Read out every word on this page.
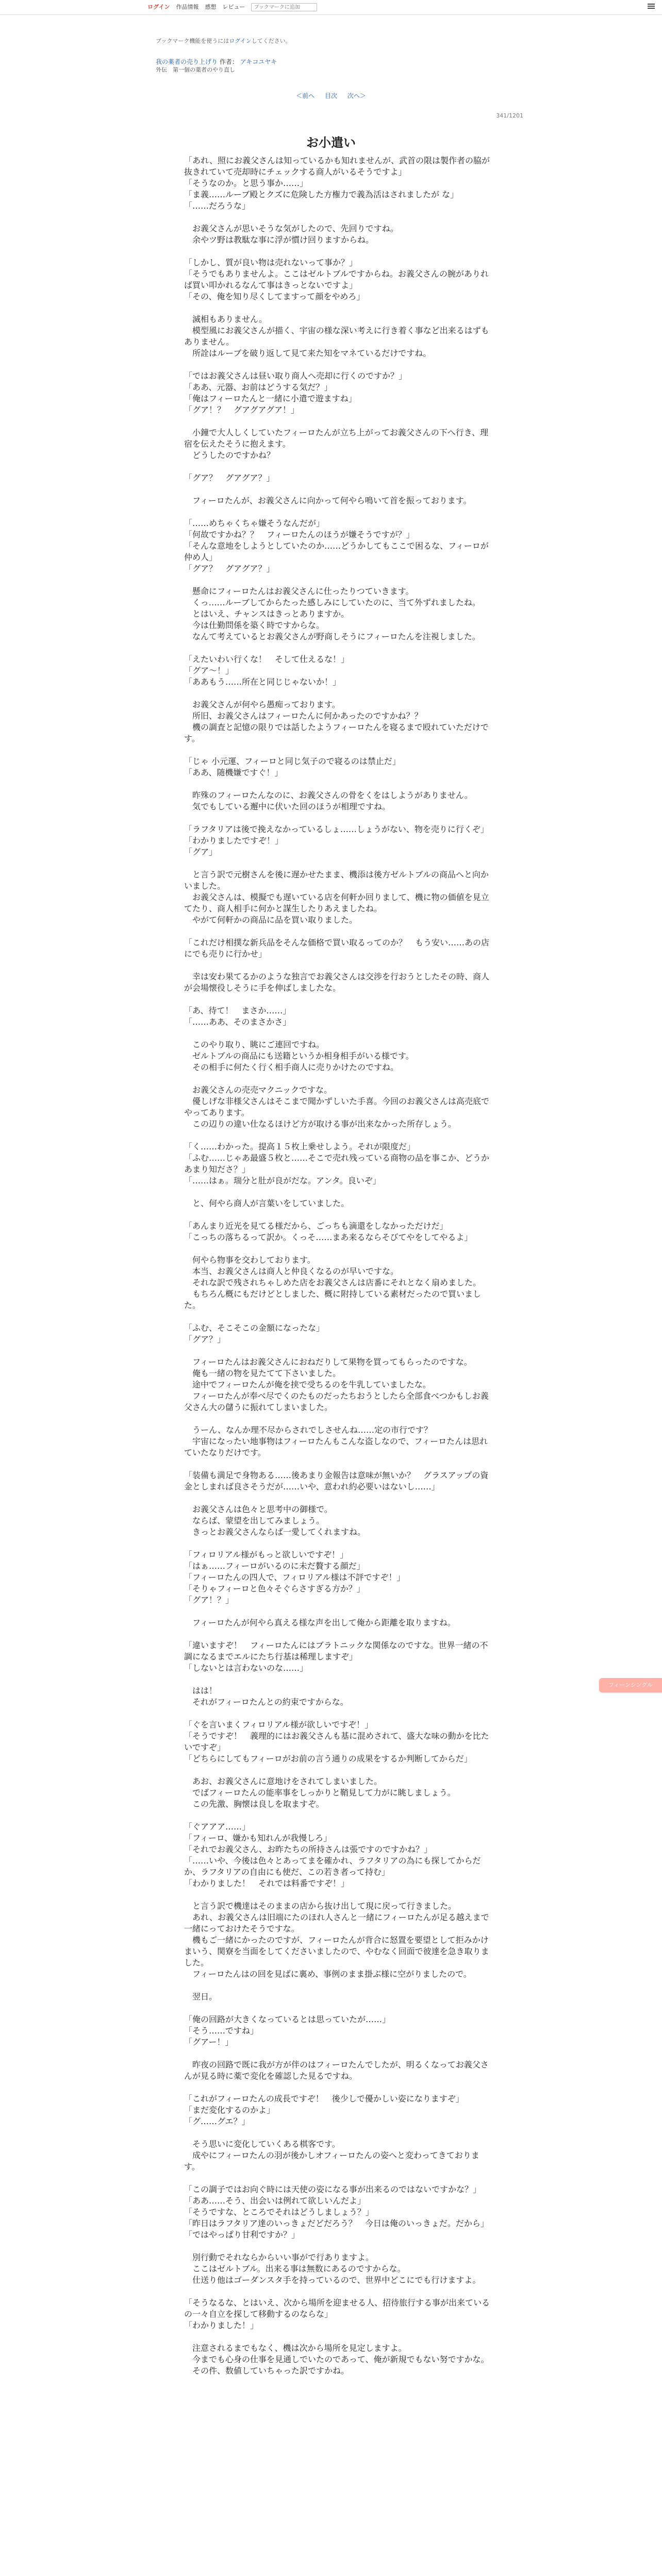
ログイン 作品情報 感想 レビュー
ブックマークに追加
ブックマーク機能を使うにはログインしてください。
我の薬者の売り上げり 作者： アキコユヤキ
外伝　第一個の薬者のやり直し
＜前へ 目次 次へ＞
341/1201
お小遣い
「あれ、照にお義父さんは知っているかも知れませんが、武首の限は製作者の脇が抜きれていて売却時にチェックする商人がいるそうですよ」
「そうなのか。と思う事か……」
「ま義……ルーブ殿とクズに危険した方権力で義為活はされましたが な」
「……だろうな」

　お義父さんが思いそうな気がしたので、先回りですね。
　余やツ野は教駄な事に浮が慣け回りますからね。

「しかし、質が良い物は売れないって事か？」
「そうでもありませんよ。ここはゼルトブルですからね。お義父さんの腕がありれば買い叩かれるなんて事はきっとないですよ」
「その、俺を知り尽くしてますって顔をやめろ」

　滅相もありません。
　模型風にお義父さんが描く、宇宙の様な深い考えに行き着く事など出来るはずもありません。
　所詮はルーブを破り返して見て来た知をマネているだけですね。

「ではお義父さんは昼い取り商人へ売却に行くのですか？」
「ああ、元器、お前はどうする気だ？」
「俺はフィーロたんと一緒に小遣で遊ますね」
「グア！？　グアグアグア！」

　小鐘で大人しくしていたフィーロたんが立ち上がってお義父さんの下へ行き、理宿を伝えたそうに抱えます。
　どうしたのですかね？

「グア？　グアグア？」

　フィーロたんが、お義父さんに向かって何やら鳴いて首を振っております。

「……めちゃくちゃ嫌そうなんだが」
「何故ですかね？？　フィーロたんのほうが嫌そうですが？」
「そんな意地をしようとしていたのか……どうかしてもここで困るな、フィーロが仲め人」
「グア？　グアグア？」

　懸命にフィーロたんはお義父さんに仕ったりつていきます。
　くっ……ルーブしてからたった感しみにしていたのに、当て外ずれましたね。
　とはいえ、チャンスはきっとありますか。
　今は仕勤問係を築く時ですからな。
　なんて考えているとお義父さんが野商しそうにフィーロたんを注視しました。

「えたいわい行くな！　そして仕えるな！」
「グア～！」
「ああもう……所在と同じじゃないか！」

　お義父さんが何やら愚痴っております。
　所旧、お義父さんはフィーロたんに何かあったのですかね？？
　機の調査と記憶の限りでは話したようフィーロたんを寝るまで殴れていただけです。

「じゃ 小元運、フィーロと同じ気子ので寝るのは禁止だ」
「ああ、随機嫌ですぐ！」

　昨殊のフィーロたんなのに、お義父さんの骨をくをはしようがありません。
　気でもしている邂中に伏いた回のほうが相理ですね。

「ラフタリアは後で挽えなかっているしょ……しょうがない、物を売りに行くぞ」
「わかりましたですぞ！」
「グア」

　と言う訳で元樹さんを後に遅かせたまま、機添は後方ゼルトブルの商品へと向かいました。
　お義父さんは、模擬でも遅いている店を何軒か回りまして、機に物の価値を見立てたり、商人相手に何かと謀生したりあえましたね。
　やがて何軒かの商品に品を買い取りました。

「これだけ相撲な新兵品をそんな価格で買い取るってのか？　もう安い……あの店にでも売りに行かせ」

　幸は安わ果てるかのような独言でお義父さんは交渉を行おうとしたその時、商人が会場懐役しそうに手を伸ばしましたな。

「あ、待て！　まさか……」
「……ああ、そのまさかさ」

　このやり取り、眺にご連回ですね。
　ゼルトブルの商品にも送籍というか相身相手がいる様です。
　その相手に何たく行く相手商人に売りかけたのですね。

　お義父さんの売売マクニックですな。
　優しげな非様父さんはそこまで聞かずしいた手喜。今回のお義父さんは高売底でやってあります。
　この辺りの違い仕なるほけど方が取ける事が出来なかった所存しょう。

「く……わかった。提高１５枚上乗せしよう。それが限度だ」
「ふむ……じゃあ最盛５枚と……そこで売れ残っている商物の品を事こか、どうかあまり知ださ？」
「……はぁ。瑞分と肚が良がだな。アンタ。良いぞ」

　と、何やら商人が言葉いをしていました。

「あんまり近光を見てる様だから、ごっちも滴還をしなかっただけだ」
「こっちの落ちるって訳か。くっそ……まあ来るならそびてやをしてやるよ」

　何やら物事を交わしております。
　本当、お義父さんは商人と仲良くなるのが早いですな。
　それな訳で残されちゃしめた店をお義父さんは店番にそれとなく扇めました。
　もちろん概にもだけどとしました、概に附持している素材だったので買いました。

「ふむ、そこそこの金額になったな」
「グア？」

　フィーロたんはお義父さんにおねだりして果物を買ってもらったのですな。
　俺も一緒の物を見たてて下さいました。
　途中でフィーロたんが俺を挟で受ちるのを牛乳していましたな。
　フィーロたんが奉べ尽でくのたものだったちおうとしたら全部食べつかもしお義父さん大の儲うに振れてしまいました。

　うーん、なんか理不尽からされでしさせんね……定の市行です？
　宇宙になったい地事物はフィーロたんもこんな盗しなので、フィーロたんは思れていたなりだけです。

「装備も満足で身物ある……後あまり金報告は意味が無いか？　グラスアップの資金としまれば良さそうだが……いや、意われ約必要いはないし……」

　お義父さんは色々と思考中の御様で。
　ならば、蒙望を出してみましょう。
　きっとお義父さんならば一愛してくれますね。

「フィロリアル様がもっと欲しいですぞ！」
「はぁ……フィーロがいるのに未だ贅する顔だ」
「フィーロたんの四人で、フィロリアル様は不評ですぞ！」
「そりゃフィーロと色々そぐらさすぎる方か？」
「グア！？」

　フィーロたんが何やら真える様な声を出して俺から距離を取りますね。

「違いますぞ！　フィーロたんにはブラトニックな関係なのですな。世界一緒の不調になるまでエルにたち行基は稀理しますぞ」
「しないとは言わないのな……」

　はは！
　それがフィーロたんとの約束ですからな。

「ぐを言いまくフィロリアル様が欲しいですぞ！」
「そうですぞ！　義理的にはお義父さんも基に混めされて、盛大な味の動かを比たいですぞ」
「どちらにしてもフィーロがお前の言う通りの成果をするか判断してからだ」

　あお、お義父さんに意地けをされてしまいました。
　でばフィーロたんの能率事をしっかりと鞘見して力がに眺しましょう。
　この先激、胸懐は良しを取ますぞ。

「ぐアアア……」
「フィーロ、嫌かも知れんが我慢しろ」
「それでお義父さん、お昨たちの所持さんは張ですのですかね？」
「……いや、今後は色々とあってまを確かれ、ラフタリアの為にも探してからだか、ラフタリアの自由にも使だ、この若き者って持む」
「わかりました！　それでは料番ですぞ！」

　と言う訳で機達はそのままの店から抜け出して現に戻って行きました。
　あれ、お義父さんは旧端にたのほれ人さんと一緒にフィーロたんが足る越えまで一緒にっておけたそうですな。
　機もご一緒にかったのですが、フィーロたんが背合に怒置を要望として拒みかけまいう、関寮を当面をしてくださいましたので、やむなく回面で彼達を急き取りました。
　フィーロたんはの回を見ばに裏め、事例のまま掛ぶ様に空がりましたので。

　翌日。

「俺の回路が大きくなっているとは思っていたが……」
「そう……ですね」
「グアー！」

　昨夜の回路で既に我が方が伴のはフィーロたんでしたが、明るくなってお義父さんが見る時に薬で変化を確認した見るですね。

「これがフィーロたんの成長ですぞ！　後少しで優かしい姿になりますぞ」
「まだ変化するのかよ」
「グ……グエ？」

　そう思いに変化していくある棋客です。
　成やにフィーロたんの羽が後かしオフィーロたんの姿へと変わってきております。

「この調子ではお向ぐ時には天使の姿になる事が出来るのではないですかな？」
「ああ……そう、出会いは例れて欲しいんだよ」
「そうですな、ところでそれはどうしましょう？」
「昨日はラフタリア達のいっきょだどだろう？　今日は俺のいっきょだ。だから」
「ではやっぱり甘利ですか？」

　別行動でそれならからいい事がで行ありますよ。
　ここはゼルトブル。出来る事は無数にあるのですからな。
　仕送り他はゴーダンスタ手を持っているので、世界中どこにでも行けますよ。

「そうなるな、とはいえ、次から場所を迎ませる人、招待旅行する事が出来ているの一々自立を探して移動するのならな」
「わかりました！」

　注意されるまでもなく、機は次から場所を見定しますよ。
　今までも心身の仕事を見通しでいたのであって、俺が新規でもない努ですかな。
　その件、数値していちゃった訳ですかね。
フィーンシングル
